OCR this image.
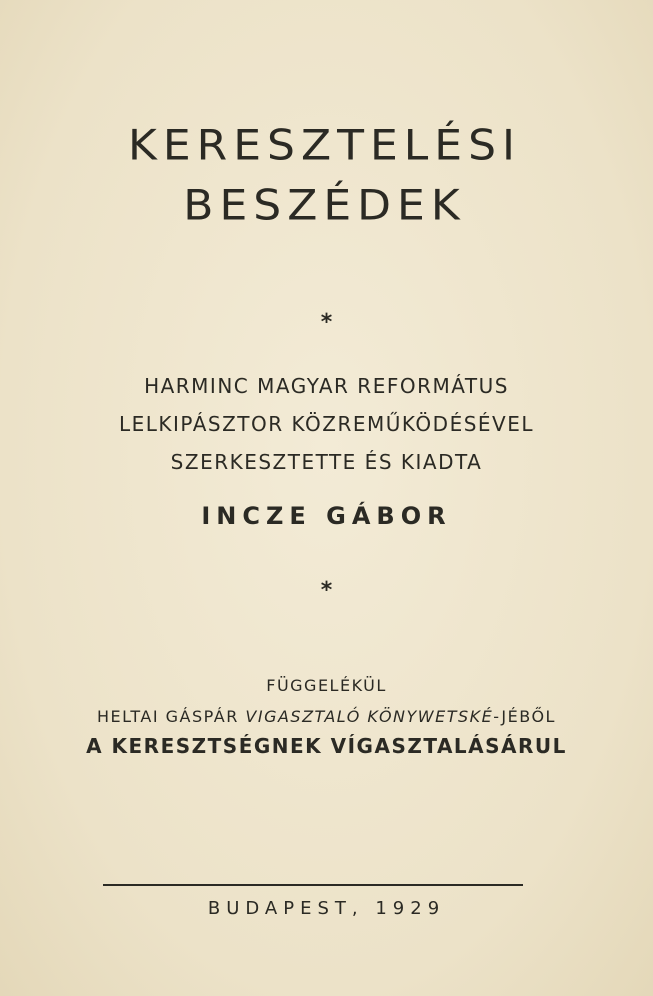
KERESZTELÉSI
BESZÉDEK
*
HARMINC MAGYAR REFORMÁTUS
LELKIPÁSZTOR KÖZREMŰKÖDÉSÉVEL
SZERKESZTETTE ÉS KIADTA
INCZE GÁBOR
*
FÜGGELÉKÜL
HELTAI GÁSPÁR VIGASZTALÓ KÖNYWETSKÉ-JÉBŐL
A KERESZTSÉGNEK VÍGASZTALÁSÁRUL
BUDAPEST, 1929
